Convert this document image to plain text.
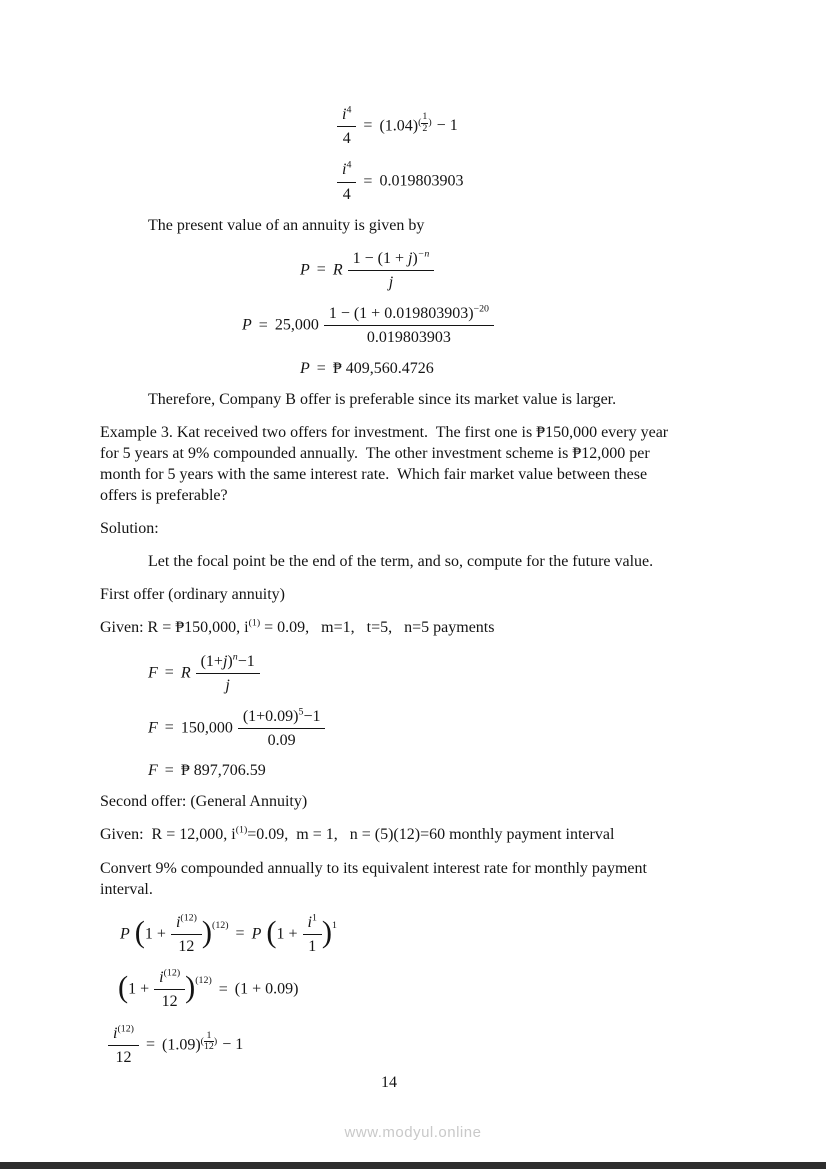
$\frac{i^4}{4} = (1.04)^{( \frac{1}{2} )} - 1$
$\frac{i^4}{4} = 0.019803903$

The present value of an annuity is given by

P = R $\frac{1 - (1 + j)^{-n}}{j}$
$P = 25,000 \frac{1 - (1 + 0.019803903)^{-20}}{0.019803903}$
P = ₱ 409,560.4726

Therefore, Company B offer is preferable since its market value is larger.

Example 3. Kat received two offers for investment.  The first one is ₱150,000 every year for 5 years at 9% compounded annually.  The other investment scheme is ₱12,000 per month for 5 years with the same interest rate.  Which fair market value between these offers is preferable?

Solution:

Let the focal point be the end of the term, and so, compute for the future value.

First offer (ordinary annuity)

Given: R = ₱150,000, $i^{(1)} = 0.09$,   m=1,   t=5,   n=5 payments

F = R $\frac{(1+j)^n-1}{j}$
$F = 150,000 \frac{(1+0.09)^5-1}{0.09}$
F = ₱ 897,706.59

Second offer: (General Annuity)

Given:  R = 12,000, $i^{(1)}=0.09$,  m = 1,   n = (5)(12)=60 monthly payment interval

Convert 9% compounded annually to its equivalent interest rate for monthly payment interval.

P $(1 + \frac{i^{(12)}}{12} )^{(12)} = P$ $(1 + \frac{i^1}{1} )^1$
$(1 + \frac{i^{(12)}}{12} )^{(12)} = (1 + 0.09)$
$\frac{i^{(12)}}{12} = (1.09)^{( \frac{1}{12} )} - 1$
14
www.modyul.online
